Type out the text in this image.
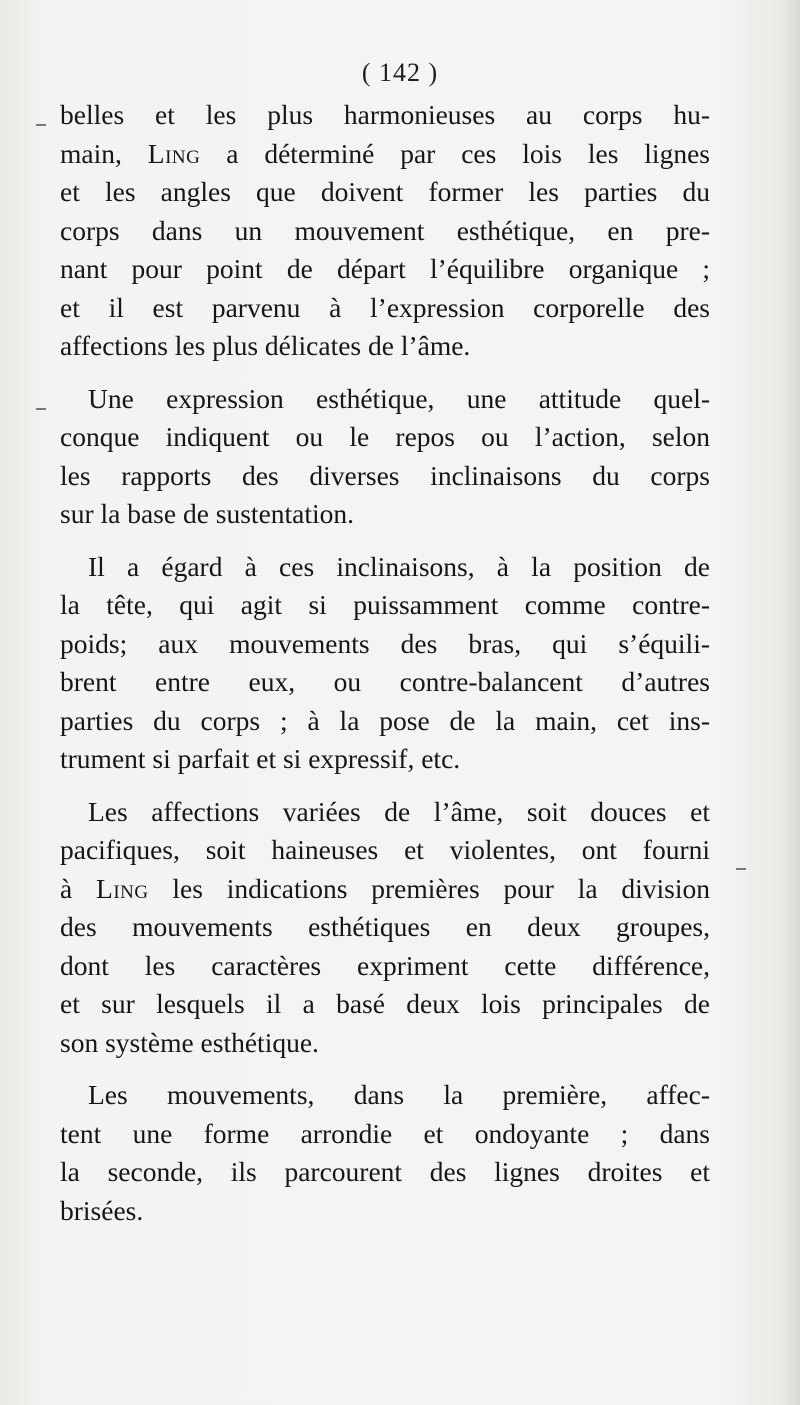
( 142 )
belles et les plus harmonieuses au corps hu-
main, Ling a déterminé par ces lois les lignes
et les angles que doivent former les parties du
corps dans un mouvement esthétique, en pre-
nant pour point de départ l’équilibre organique ;
et il est parvenu à l’expression corporelle des
affections les plus délicates de l’âme.
Une expression esthétique, une attitude quel-
conque indiquent ou le repos ou l’action, selon
les rapports des diverses inclinaisons du corps
sur la base de sustentation.
Il a égard à ces inclinaisons, à la position de
la tête, qui agit si puissamment comme contre-
poids; aux mouvements des bras, qui s’équili-
brent entre eux, ou contre-balancent d’autres
parties du corps ; à la pose de la main, cet ins-
trument si parfait et si expressif, etc.
Les affections variées de l’âme, soit douces et
pacifiques, soit haineuses et violentes, ont fourni
à Ling les indications premières pour la division
des mouvements esthétiques en deux groupes,
dont les caractères expriment cette différence,
et sur lesquels il a basé deux lois principales de
son système esthétique.
Les mouvements, dans la première, affec-
tent une forme arrondie et ondoyante ; dans
la seconde, ils parcourent des lignes droites et
brisées.
